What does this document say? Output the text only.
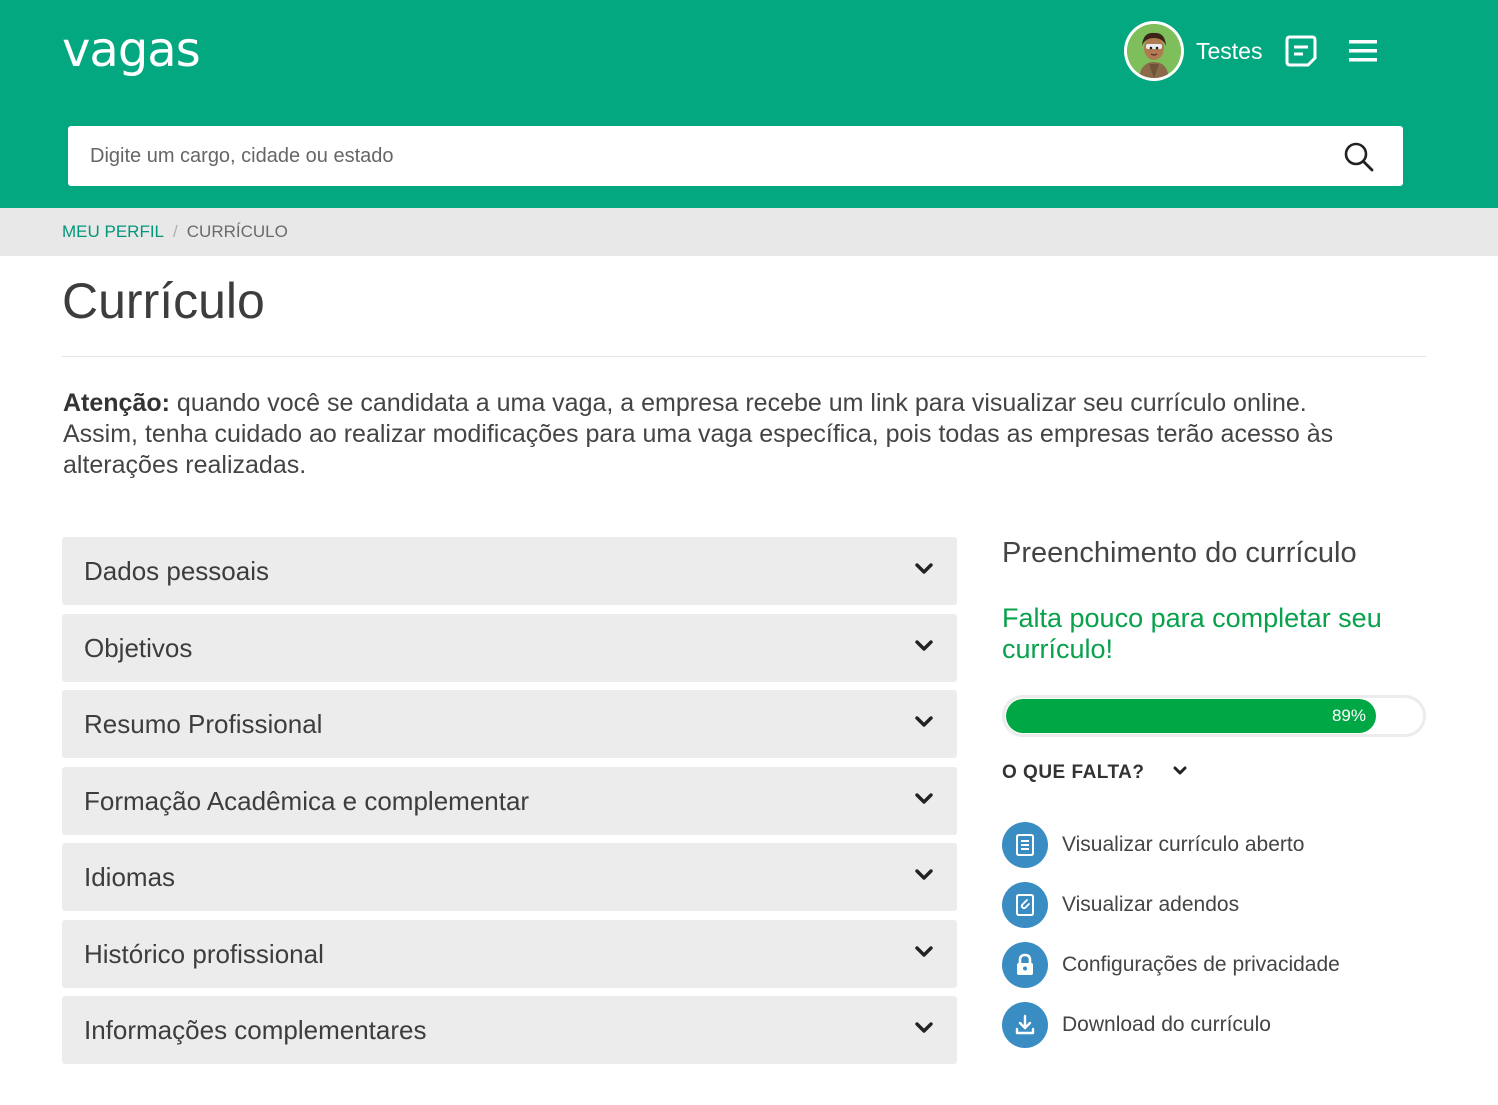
vagas	Testes
Digite um cargo, cidade ou estado
MEU PERFIL / CURRÍCULO
Currículo

Atenção: quando você se candidata a uma vaga, a empresa recebe um link para visualizar seu currículo online. Assim, tenha cuidado ao realizar modificações para uma vaga específica, pois todas as empresas terão acesso às alterações realizadas.

Dados pessoais
Objetivos
Resumo Profissional
Formação Acadêmica e complementar
Idiomas
Histórico profissional
Informações complementares
Preenchimento do currículo
Falta pouco para completar seu currículo!
89%
O QUE FALTA?
Visualizar currículo aberto
Visualizar adendos
Configurações de privacidade
Download do currículo
